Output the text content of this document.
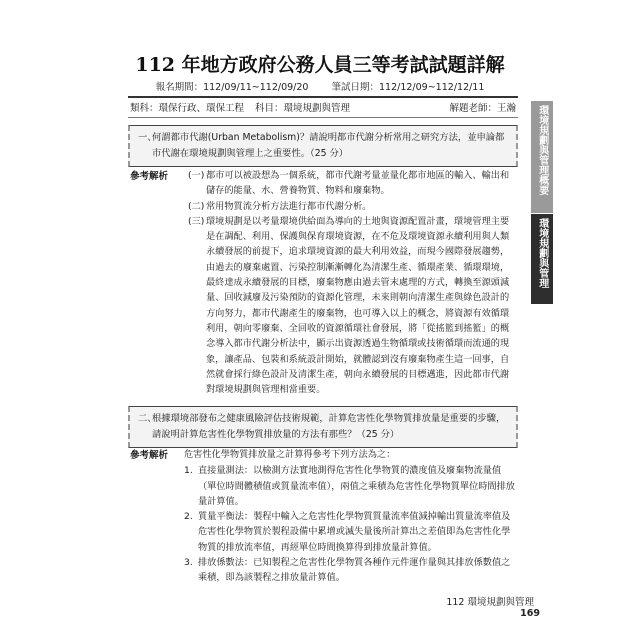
112 年地方政府公務人員三等考試試題詳解
報名期間：112/09/11~112/09/20 筆試日期：112/12/09~112/12/11
類科：環保行政、環保工程 科目：環境規劃與管理	解題老師：王瀚
一、
何謂都市代謝(Urban Metabolism)？請說明都市代謝分析常用之研究方法，並申論都市代謝在環境規劃與管理上之重要性。（25 分）
參考解析 (一) 都市可以被設想為一個系統，都市代謝考量並量化都市地區的輸入、輸出和儲存的能量、水、營養物質、物料和廢棄物。
(二) 常用物質流分析方法進行都市代謝分析。
(三) 環境規劃是以考量環境供給面為導向的土地與資源配置計畫，環境管理主要是在調配、利用、保護與保育環境資源，在不危及環境資源永續利用與人類永續發展的前提下，追求環境資源的最大利用效益，而現今國際發展趨勢，由過去的廢棄處置、污染控制漸漸轉化為清潔生產、循環產業、循環環境，最終達成永續發展的目標，廢棄物應由過去管末處理的方式，轉換至源頭減量、回收減廢及污染預防的資源化管理，未來則朝向清潔生產與綠色設計的方向努力，都市代謝產生的廢棄物，也可導入以上的概念，將資源有效循環利用，朝向零廢棄、全回收的資源循環社會發展，將「從搖籃到搖籃」的概念導入都市代謝分析法中，顯示出資源透過生物循環或技術循環而流通的現象，讓產品、包裝和系統設計開始，就體認到沒有廢棄物產生這一回事，自然就會採行綠色設計及清潔生產，朝向永續發展的目標邁進，因此都市代謝對環境規劃與管理相當重要。
二、
根據環境部發布之健康風險評估技術規範，計算危害性化學物質排放量是重要的步驟，請說明計算危害性化學物質排放量的方法有那些？（25 分）
參考解析 危害性化學物質排放量之計算得參考下列方法為之：
1. 直接量測法：以檢測方法實地測得危害性化學物質的濃度值及廢棄物流量值（單位時間體積值或質量流率值），兩值之乘積為危害性化學物質單位時間排放量計算值。
2. 質量平衡法：製程中輸入之危害性化學物質質量流率值減掉輸出質量流率值及危害性化學物質於製程設備中累增或滅失量後所計算出之差值即為危害性化學物質的排放流率值，再經單位時間換算得到排放量計算值。
3. 排放係數法：已知製程之危害性化學物質各種作元件運作量與其排放係數值之乘積，即為該製程之排放量計算值。
環境規劃與管理概要
環境規劃與管理
112 環境規劃與管理169
